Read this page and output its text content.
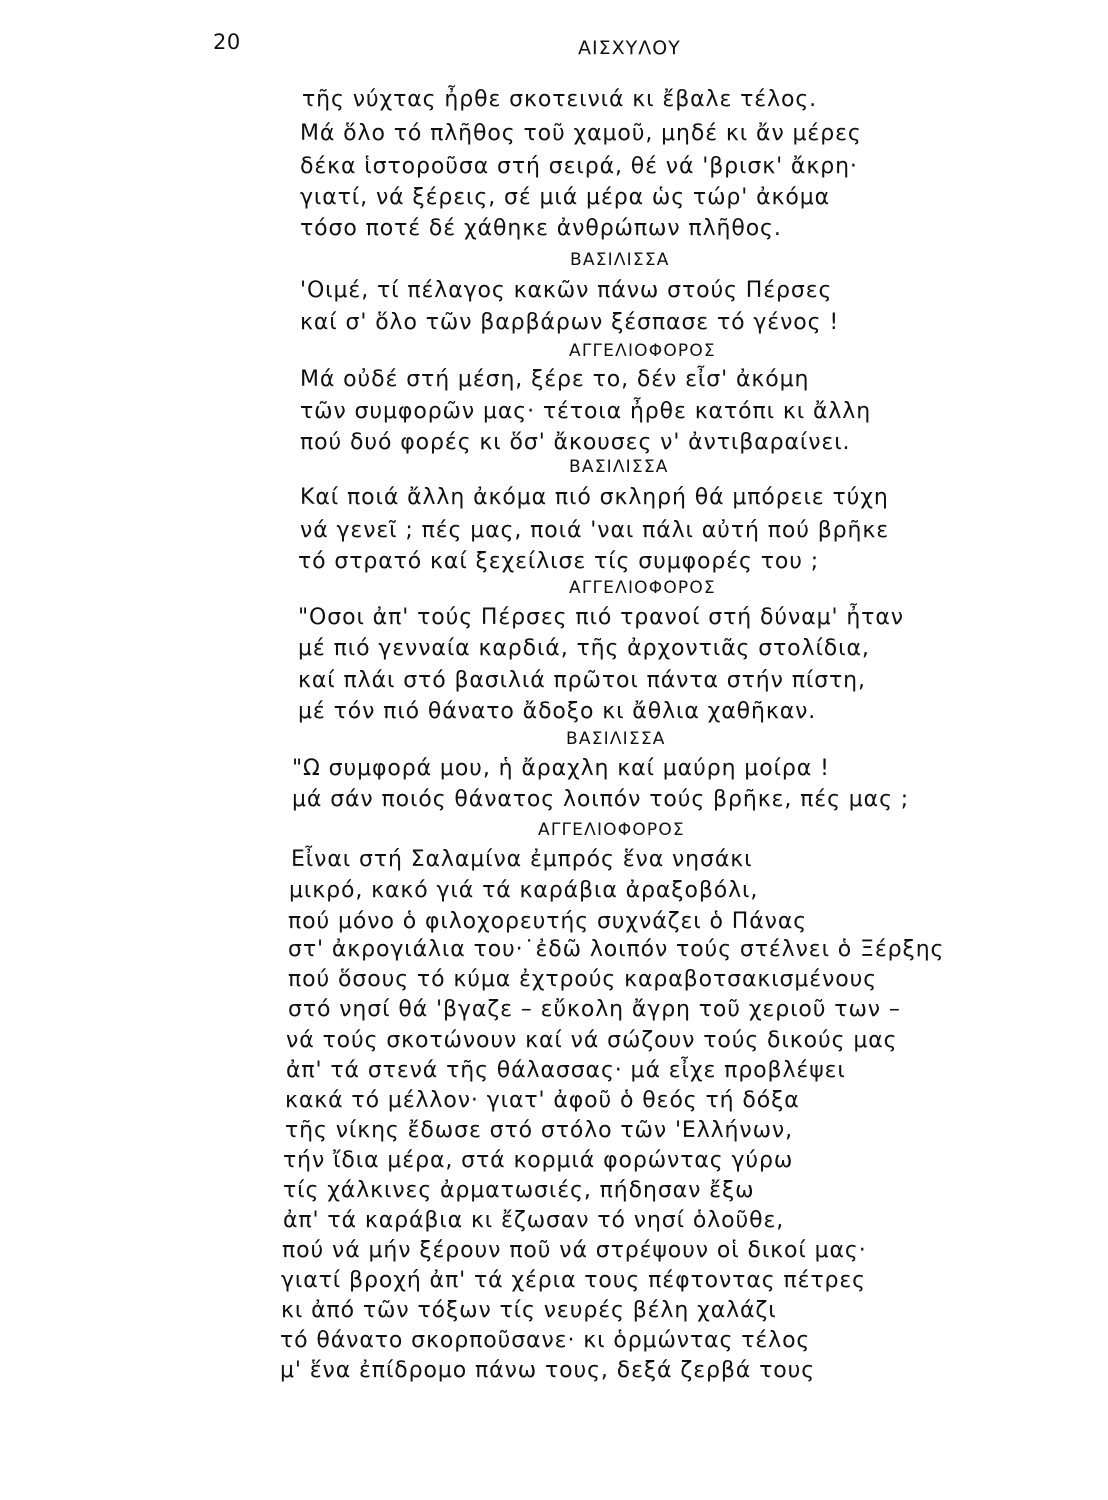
20	ΑΙΣΧΥΛΟΥ
τῆς νύχτας ἦρθε σκοτεινιά κι ἔβαλε τέλος.
Μά ὅλο τό πλῆθος τοῦ χαμοῦ, μηδέ κι ἄν μέρες
δέκα ἱστοροῦσα στή σειρά, θέ νά 'βρισκ' ἄκρη·
γιατί, νά ξέρεις, σέ μιά μέρα ὡς τώρ' ἀκόμα
τόσο ποτέ δέ χάθηκε ἀνθρώπων πλῆθος.
ΒΑΣΙΛΙΣΣΑ
'Οιμέ, τί πέλαγος κακῶν πάνω στούς Πέρσες
καί σ' ὅλο τῶν βαρβάρων ξέσπασε τό γένος !
ΑΓΓΕΛΙΟΦΟΡΟΣ
Μά οὐδέ στή μέση, ξέρε το, δέν εἶσ' ἀκόμη
τῶν συμφορῶν μας· τέτοια ἦρθε κατόπι κι ἄλλη
πού δυό φορές κι ὅσ' ἄκουσες ν' ἀντιβαραίνει.
ΒΑΣΙΛΙΣΣΑ
Καί ποιά ἄλλη ἀκόμα πιό σκληρή θά μπόρειε τύχη
νά γενεῖ ; πές μας, ποιά 'ναι πάλι αὐτή πού βρῆκε
τό στρατό καί ξεχείλισε τίς συμφορές του ;
ΑΓΓΕΛΙΟΦΟΡΟΣ
"Οσοι ἀπ' τούς Πέρσες πιό τρανοί στή δύναμ' ἦταν
μέ πιό γενναία καρδιά, τῆς ἀρχοντιᾶς στολίδια,
καί πλάι στό βασιλιά πρῶτοι πάντα στήν πίστη,
μέ τόν πιό θάνατο ἄδοξο κι ἄθλια χαθῆκαν.
ΒΑΣΙΛΙΣΣΑ
"Ω συμφορά μου, ἡ ἄραχλη καί μαύρη μοίρα !
μά σάν ποιός θάνατος λοιπόν τούς βρῆκε, πές μας ;
ΑΓΓΕΛΙΟΦΟΡΟΣ
Εἶναι στή Σαλαμίνα ἐμπρός ἕνα νησάκι
μικρό, κακό γιά τά καράβια ἀραξοβόλι,
πού μόνο ὁ φιλοχορευτής συχνάζει ὁ Πάνας
στ' ἀκρογιάλια του·˙ἐδῶ λοιπόν τούς στέλνει ὁ Ξέρξης
πού ὅσους τό κύμα ἐχτρούς καραβοτσακισμένους
στό νησί θά 'βγαζε – εὔκολη ἄγρη τοῦ χεριοῦ των –
νά τούς σκοτώνουν καί νά σώζουν τούς δικούς μας
ἀπ' τά στενά τῆς θάλασσας· μά εἶχε προβλέψει
κακά τό μέλλον· γιατ' ἀφοῦ ὁ θεός τή δόξα
τῆς νίκης ἔδωσε στό στόλο τῶν 'Ελλήνων,
τήν ἴδια μέρα, στά κορμιά φορώντας γύρω
τίς χάλκινες ἀρματωσιές, πήδησαν ἔξω
ἀπ' τά καράβια κι ἔζωσαν τό νησί ὁλοῦθε,
πού νά μήν ξέρουν ποῦ νά στρέψουν οἱ δικοί μας·
γιατί βροχή ἀπ' τά χέρια τους πέφτοντας πέτρες
κι ἀπό τῶν τόξων τίς νευρές βέλη χαλάζι
τό θάνατο σκορποῦσανε· κι ὁρμώντας τέλος
μ' ἕνα ἐπίδρομο πάνω τους, δεξά ζερβά τους
